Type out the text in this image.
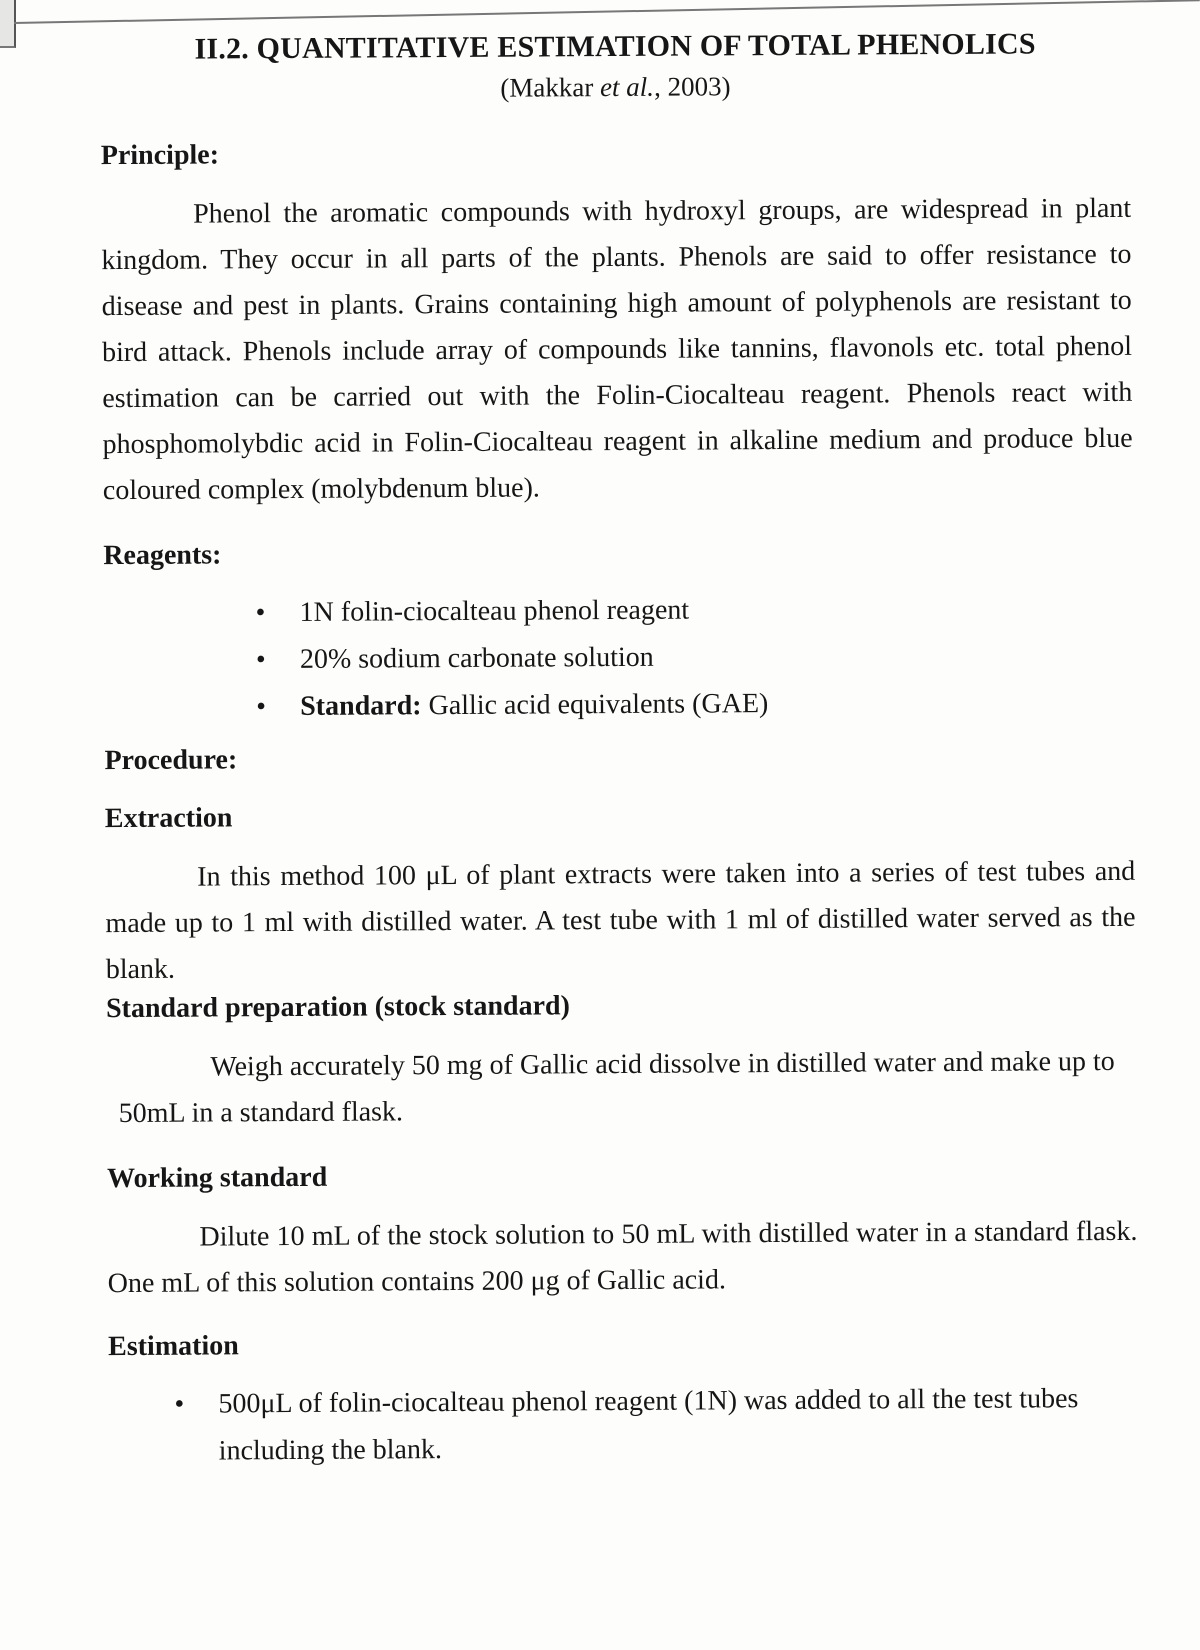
II.2. QUANTITATIVE ESTIMATION OF TOTAL PHENOLICS

(Makkar et al., 2003)

Principle:

Phenol the aromatic compounds with hydroxyl groups, are widespread in plant kingdom. They occur in all parts of the plants. Phenols are said to offer resistance to disease and pest in plants. Grains containing high amount of polyphenols are resistant to bird attack. Phenols include array of compounds like tannins, flavonols etc. total phenol estimation can be carried out with the Folin-Ciocalteau reagent. Phenols react with phosphomolybdic acid in Folin-Ciocalteau reagent in alkaline medium and produce blue coloured complex (molybdenum blue).

Reagents:
• 1N folin-ciocalteau phenol reagent
• 20% sodium carbonate solution
• Standard: Gallic acid equivalents (GAE)
Procedure:
Extraction

In this method 100 μL of plant extracts were taken into a series of test tubes and made up to 1 ml with distilled water. A test tube with 1 ml of distilled water served as the blank.

Standard preparation (stock standard)

Weigh accurately 50 mg of Gallic acid dissolve in distilled water and make up to 50mL in a standard flask.

Working standard

Dilute 10 mL of the stock solution to 50 mL with distilled water in a standard flask. One mL of this solution contains 200 μg of Gallic acid.

Estimation
• 500μL of folin-ciocalteau phenol reagent (1N) was added to all the test tubes including the blank.
